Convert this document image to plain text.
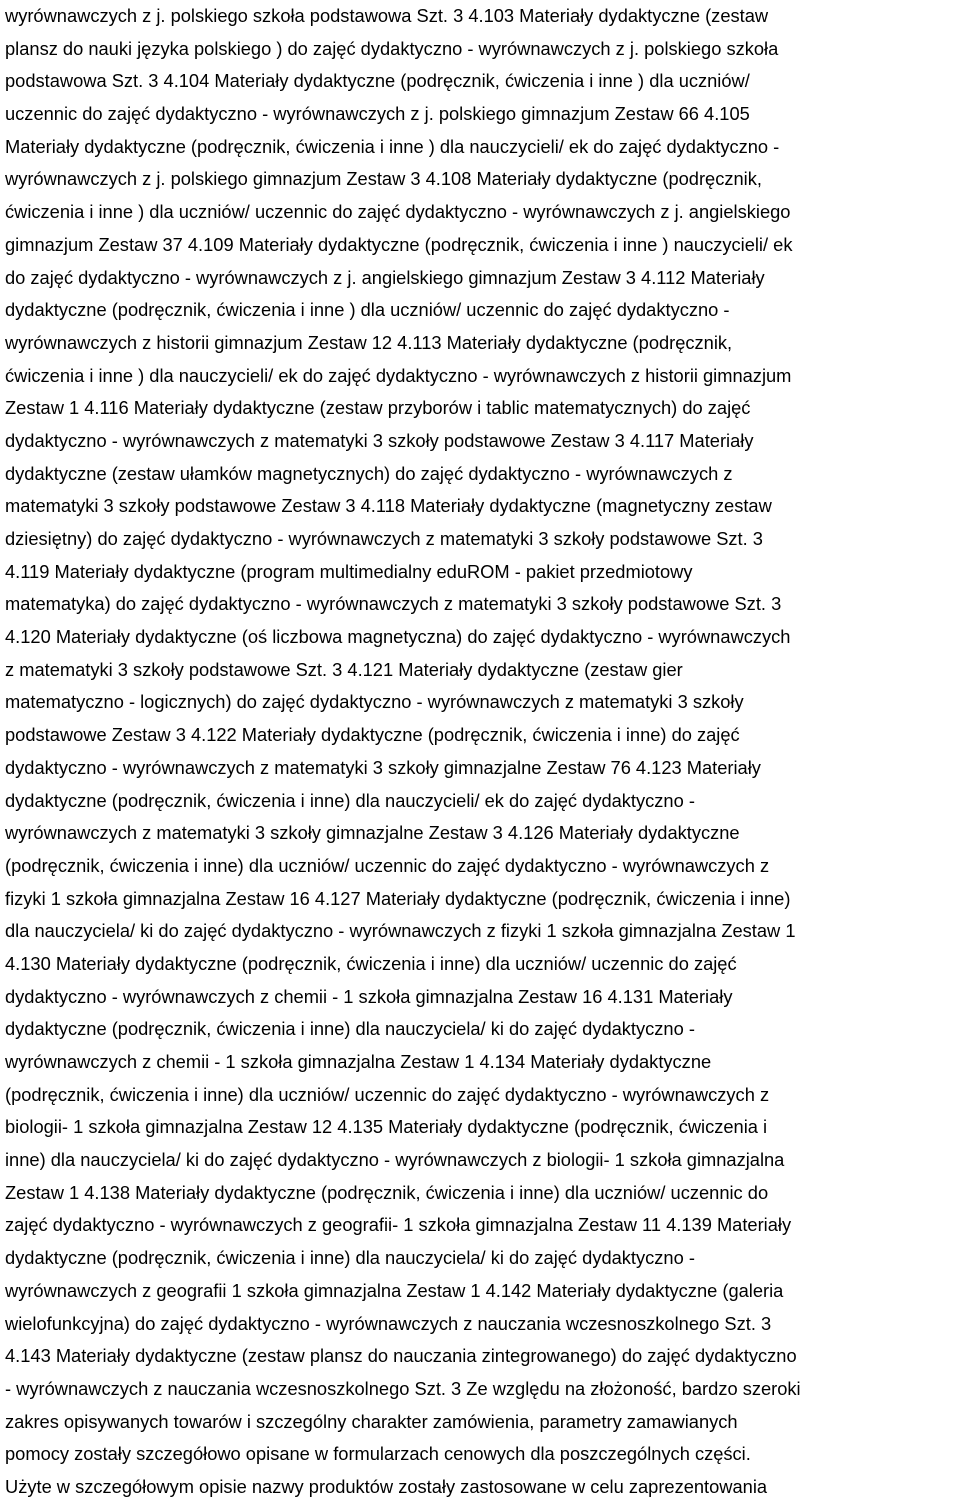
wyrównawczych z j. polskiego szkoła podstawowa Szt. 3 4.103 Materiały dydaktyczne (zestaw
plansz do nauki języka polskiego ) do zajęć dydaktyczno - wyrównawczych z j. polskiego szkoła
podstawowa Szt. 3 4.104 Materiały dydaktyczne (podręcznik, ćwiczenia i inne ) dla uczniów/
uczennic do zajęć dydaktyczno - wyrównawczych z j. polskiego gimnazjum Zestaw 66 4.105
Materiały dydaktyczne (podręcznik, ćwiczenia i inne ) dla nauczycieli/ ek do zajęć dydaktyczno -
wyrównawczych z j. polskiego gimnazjum Zestaw 3 4.108 Materiały dydaktyczne (podręcznik,
ćwiczenia i inne ) dla uczniów/ uczennic do zajęć dydaktyczno - wyrównawczych z j. angielskiego
gimnazjum Zestaw 37 4.109 Materiały dydaktyczne (podręcznik, ćwiczenia i inne ) nauczycieli/ ek
do zajęć dydaktyczno - wyrównawczych z j. angielskiego gimnazjum Zestaw 3 4.112 Materiały
dydaktyczne (podręcznik, ćwiczenia i inne ) dla uczniów/ uczennic do zajęć dydaktyczno -
wyrównawczych z historii gimnazjum Zestaw 12 4.113 Materiały dydaktyczne (podręcznik,
ćwiczenia i inne ) dla nauczycieli/ ek do zajęć dydaktyczno - wyrównawczych z historii gimnazjum
Zestaw 1 4.116 Materiały dydaktyczne (zestaw przyborów i tablic matematycznych) do zajęć
dydaktyczno - wyrównawczych z matematyki 3 szkoły podstawowe Zestaw 3 4.117 Materiały
dydaktyczne (zestaw ułamków magnetycznych) do zajęć dydaktyczno - wyrównawczych z
matematyki 3 szkoły podstawowe Zestaw 3 4.118 Materiały dydaktyczne (magnetyczny zestaw
dziesiętny) do zajęć dydaktyczno - wyrównawczych z matematyki 3 szkoły podstawowe Szt. 3
4.119 Materiały dydaktyczne (program multimedialny eduROM - pakiet przedmiotowy
matematyka) do zajęć dydaktyczno - wyrównawczych z matematyki 3 szkoły podstawowe Szt. 3
4.120 Materiały dydaktyczne (oś liczbowa magnetyczna) do zajęć dydaktyczno - wyrównawczych
z matematyki 3 szkoły podstawowe Szt. 3 4.121 Materiały dydaktyczne (zestaw gier
matematyczno - logicznych) do zajęć dydaktyczno - wyrównawczych z matematyki 3 szkoły
podstawowe Zestaw 3 4.122 Materiały dydaktyczne (podręcznik, ćwiczenia i inne) do zajęć
dydaktyczno - wyrównawczych z matematyki 3 szkoły gimnazjalne Zestaw 76 4.123 Materiały
dydaktyczne (podręcznik, ćwiczenia i inne) dla nauczycieli/ ek do zajęć dydaktyczno -
wyrównawczych z matematyki 3 szkoły gimnazjalne Zestaw 3 4.126 Materiały dydaktyczne
(podręcznik, ćwiczenia i inne) dla uczniów/ uczennic do zajęć dydaktyczno - wyrównawczych z
fizyki 1 szkoła gimnazjalna Zestaw 16 4.127 Materiały dydaktyczne (podręcznik, ćwiczenia i inne)
dla nauczyciela/ ki do zajęć dydaktyczno - wyrównawczych z fizyki 1 szkoła gimnazjalna Zestaw 1
4.130 Materiały dydaktyczne (podręcznik, ćwiczenia i inne) dla uczniów/ uczennic do zajęć
dydaktyczno - wyrównawczych z chemii - 1 szkoła gimnazjalna Zestaw 16 4.131 Materiały
dydaktyczne (podręcznik, ćwiczenia i inne) dla nauczyciela/ ki do zajęć dydaktyczno -
wyrównawczych z chemii - 1 szkoła gimnazjalna Zestaw 1 4.134 Materiały dydaktyczne
(podręcznik, ćwiczenia i inne) dla uczniów/ uczennic do zajęć dydaktyczno - wyrównawczych z
biologii- 1 szkoła gimnazjalna Zestaw 12 4.135 Materiały dydaktyczne (podręcznik, ćwiczenia i
inne) dla nauczyciela/ ki do zajęć dydaktyczno - wyrównawczych z biologii- 1 szkoła gimnazjalna
Zestaw 1 4.138 Materiały dydaktyczne (podręcznik, ćwiczenia i inne) dla uczniów/ uczennic do
zajęć dydaktyczno - wyrównawczych z geografii- 1 szkoła gimnazjalna Zestaw 11 4.139 Materiały
dydaktyczne (podręcznik, ćwiczenia i inne) dla nauczyciela/ ki do zajęć dydaktyczno -
wyrównawczych z geografii 1 szkoła gimnazjalna Zestaw 1 4.142 Materiały dydaktyczne (galeria
wielofunkcyjna) do zajęć dydaktyczno - wyrównawczych z nauczania wczesnoszkolnego Szt. 3
4.143 Materiały dydaktyczne (zestaw plansz do nauczania zintegrowanego) do zajęć dydaktyczno
- wyrównawczych z nauczania wczesnoszkolnego Szt. 3 Ze względu na złożoność, bardzo szeroki
zakres opisywanych towarów i szczególny charakter zamówienia, parametry zamawianych
pomocy zostały szczegółowo opisane w formularzach cenowych dla poszczególnych części.
Użyte w szczegółowym opisie nazwy produktów zostały zastosowane w celu zaprezentowania
